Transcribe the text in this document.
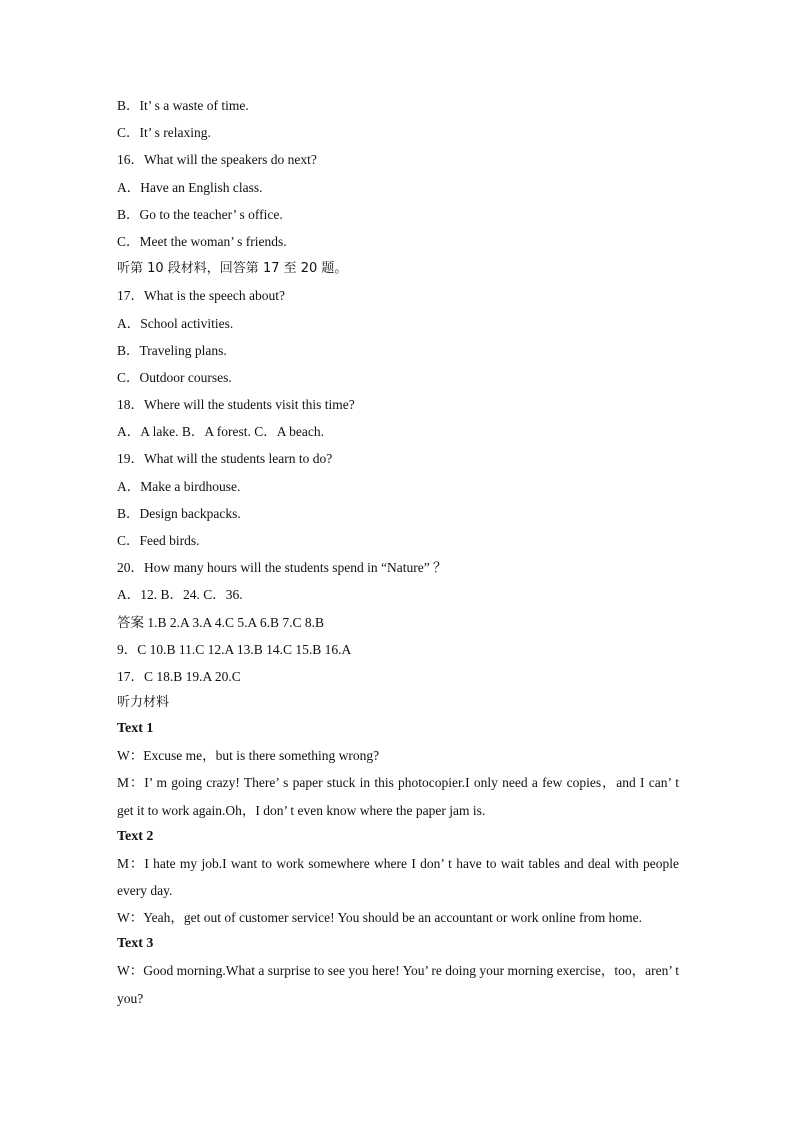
B．It’ s a waste of time.
C．It’ s relaxing.
16．What will the speakers do next?
A．Have an English class.
B．Go to the teacher’ s office.
C．Meet the woman’ s friends.
听第 10 段材料，回答第 17 至 20 题。
17．What is the speech about?
A．School activities.
B．Traveling plans.
C．Outdoor courses.
18．Where will the students visit this time?
A．A lake. B．A forest. C．A beach.
19．What will the students learn to do?
A．Make a birdhouse.
B．Design backpacks.
C．Feed birds.
20．How many hours will the students spend in “Nature” ？
A．12. B．24. C．36.
答案 1.B 2.A 3.A 4.C 5.A 6.B 7.C 8.B
9．C 10.B 11.C 12.A 13.B 14.C 15.B 16.A
17．C 18.B 19.A 20.C
听力材料
Text 1
W：Excuse me，but is there something wrong?
M：I’ m going crazy! There’ s paper stuck in this photocopier.I only need a few copies，and I can’ t get it to work again.Oh，I don’ t even know where the paper jam is.
Text 2
M：I hate my job.I want to work somewhere where I don’ t have to wait tables and deal with people every day.
W：Yeah，get out of customer service! You should be an accountant or work online from home.
Text 3
W：Good morning.What a surprise to see you here! You’ re doing your morning exercise，too，aren’ t you?
